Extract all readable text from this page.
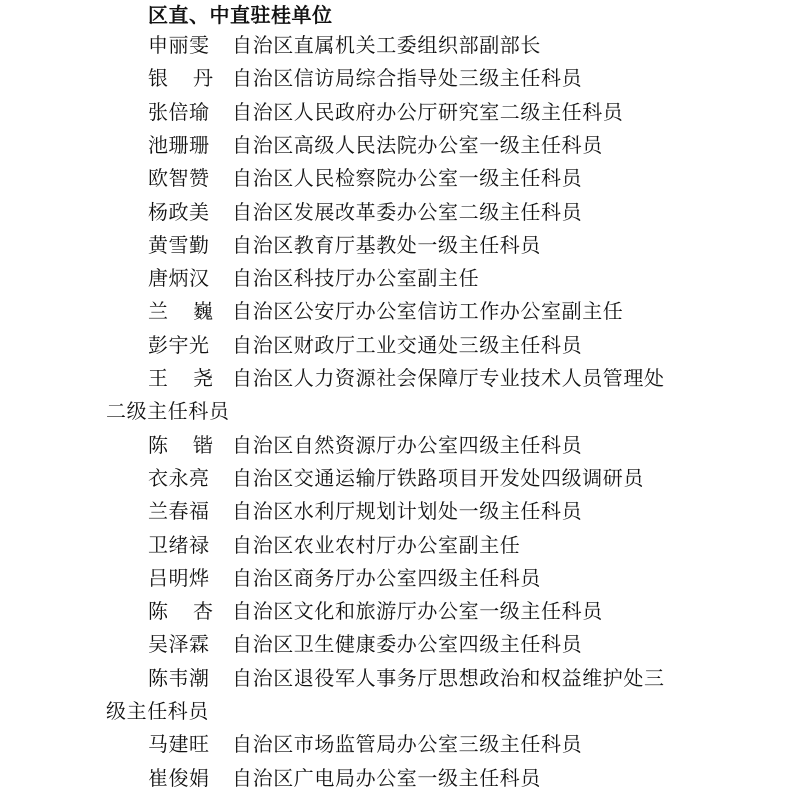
区直、中直驻桂单位
申丽雯 自治区直属机关工委组织部副部长
银丹
自治区信访局综合指导处三级主任科员
张倍瑜 自治区人民政府办公厅研究室二级主任科员
池珊珊 自治区高级人民法院办公室一级主任科员
欧智赞 自治区人民检察院办公室一级主任科员
杨政美 自治区发展改革委办公室二级主任科员
黄雪勤 自治区教育厅基教处一级主任科员
唐炳汉 自治区科技厅办公室副主任
兰巍
自治区公安厅办公室信访工作办公室副主任
彭宇光 自治区财政厅工业交通处三级主任科员
王尧
自治区人力资源社会保障厅专业技术人员管理处
二级主任科员
陈锴
自治区自然资源厅办公室四级主任科员
衣永亮 自治区交通运输厅铁路项目开发处四级调研员
兰春福 自治区水利厅规划计划处一级主任科员
卫绪禄 自治区农业农村厅办公室副主任
吕明烨 自治区商务厅办公室四级主任科员
陈杏
自治区文化和旅游厅办公室一级主任科员
吴泽霖 自治区卫生健康委办公室四级主任科员
陈韦潮 自治区退役军人事务厅思想政治和权益维护处三
级主任科员
马建旺 自治区市场监管局办公室三级主任科员
崔俊娟 自治区广电局办公室一级主任科员
